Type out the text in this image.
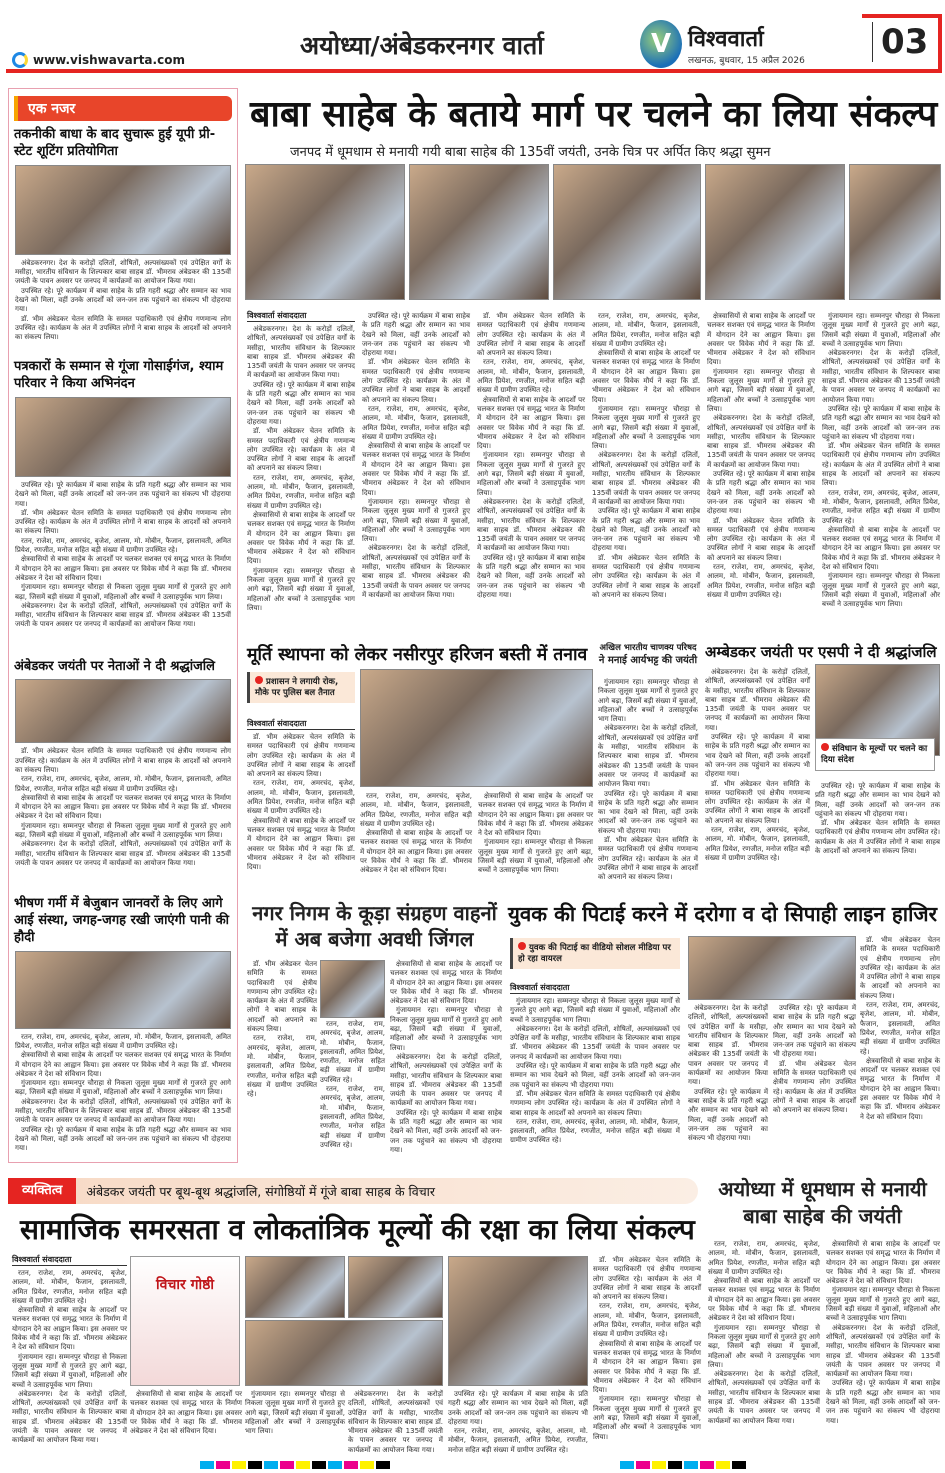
अयोध्या/अंबेडकरनगर वार्ता
www.vishwavarta.com
V विश्ववार्ता
लखनऊ, बुधवार, 15 अप्रैल 2026 03
एक नजर
तकनीकी बाधा के बाद सुचारू हुई यूपी प्री-स्टेट शूटिंग प्रतियोगिता

अंबेडकरनगर। देश के करोड़ों दलितों, शोषितों, अल्पसंख्यकों एवं उपेक्षित वर्गों के मसीहा, भारतीय संविधान के शिल्पकार बाबा साहब डॉ. भीमराव अंबेडकर की 135वीं जयंती के पावन अवसर पर जनपद में कार्यक्रमों का आयोजन किया गया।

उपस्थित रहे। पूरे कार्यक्रम में बाबा साहेब के प्रति गहरी श्रद्धा और सम्मान का भाव देखने को मिला, वहीं उनके आदर्शों को जन-जन तक पहुंचाने का संकल्प भी दोहराया गया।

डॉ. भीम अंबेडकर चेतन समिति के समस्त पदाधिकारी एवं क्षेत्रीय गणमान्य लोग उपस्थित रहे। कार्यक्रम के अंत में उपस्थित लोगों ने बाबा साहब के आदर्शों को अपनाने का संकल्प लिया।

पत्रकारों के सम्मान से गूंजा गोसाईगंज, श्याम परिवार ने किया अभिनंदन

उपस्थित रहे। पूरे कार्यक्रम में बाबा साहेब के प्रति गहरी श्रद्धा और सम्मान का भाव देखने को मिला, वहीं उनके आदर्शों को जन-जन तक पहुंचाने का संकल्प भी दोहराया गया।

डॉ. भीम अंबेडकर चेतन समिति के समस्त पदाधिकारी एवं क्षेत्रीय गणमान्य लोग उपस्थित रहे। कार्यक्रम के अंत में उपस्थित लोगों ने बाबा साहब के आदर्शों को अपनाने का संकल्प लिया।

रतन, राजेश, राम, अमरचंद, बृजेश, आलम, मो. मोबीन, फैजान, इसलावती, अमित प्रियेश, रणजीत, मनोज सहित बड़ी संख्या में ग्रामीण उपस्थित रहे।

क्षेत्रवासियों से बाबा साहेब के आदर्शों पर चलकर सशक्त एवं समृद्ध भारत के निर्माण में योगदान देने का आह्वान किया। इस अवसर पर विवेक मौर्य ने कहा कि डॉ. भीमराव अंबेडकर ने देश को संविधान दिया।

गुंजायमान रहा। सम्मनपुर चौराहा से निकला जुलूस मुख्य मार्गों से गुजरते हुए आगे बढ़ा, जिसमें बड़ी संख्या में युवाओं, महिलाओं और बच्चों ने उत्साहपूर्वक भाग लिया।

अंबेडकरनगर। देश के करोड़ों दलितों, शोषितों, अल्पसंख्यकों एवं उपेक्षित वर्गों के मसीहा, भारतीय संविधान के शिल्पकार बाबा साहब डॉ. भीमराव अंबेडकर की 135वीं जयंती के पावन अवसर पर जनपद में कार्यक्रमों का आयोजन किया गया।

अंबेडकर जयंती पर नेताओं ने दी श्रद्धांजलि

डॉ. भीम अंबेडकर चेतन समिति के समस्त पदाधिकारी एवं क्षेत्रीय गणमान्य लोग उपस्थित रहे। कार्यक्रम के अंत में उपस्थित लोगों ने बाबा साहब के आदर्शों को अपनाने का संकल्प लिया।

रतन, राजेश, राम, अमरचंद, बृजेश, आलम, मो. मोबीन, फैजान, इसलावती, अमित प्रियेश, रणजीत, मनोज सहित बड़ी संख्या में ग्रामीण उपस्थित रहे।

क्षेत्रवासियों से बाबा साहेब के आदर्शों पर चलकर सशक्त एवं समृद्ध भारत के निर्माण में योगदान देने का आह्वान किया। इस अवसर पर विवेक मौर्य ने कहा कि डॉ. भीमराव अंबेडकर ने देश को संविधान दिया।

गुंजायमान रहा। सम्मनपुर चौराहा से निकला जुलूस मुख्य मार्गों से गुजरते हुए आगे बढ़ा, जिसमें बड़ी संख्या में युवाओं, महिलाओं और बच्चों ने उत्साहपूर्वक भाग लिया।

अंबेडकरनगर। देश के करोड़ों दलितों, शोषितों, अल्पसंख्यकों एवं उपेक्षित वर्गों के मसीहा, भारतीय संविधान के शिल्पकार बाबा साहब डॉ. भीमराव अंबेडकर की 135वीं जयंती के पावन अवसर पर जनपद में कार्यक्रमों का आयोजन किया गया।

भीषण गर्मी में बेजुबान जानवरों के लिए आगे आई संस्था, जगह-जगह रखी जाएंगी पानी की हौदी

रतन, राजेश, राम, अमरचंद, बृजेश, आलम, मो. मोबीन, फैजान, इसलावती, अमित प्रियेश, रणजीत, मनोज सहित बड़ी संख्या में ग्रामीण उपस्थित रहे।

क्षेत्रवासियों से बाबा साहेब के आदर्शों पर चलकर सशक्त एवं समृद्ध भारत के निर्माण में योगदान देने का आह्वान किया। इस अवसर पर विवेक मौर्य ने कहा कि डॉ. भीमराव अंबेडकर ने देश को संविधान दिया।

गुंजायमान रहा। सम्मनपुर चौराहा से निकला जुलूस मुख्य मार्गों से गुजरते हुए आगे बढ़ा, जिसमें बड़ी संख्या में युवाओं, महिलाओं और बच्चों ने उत्साहपूर्वक भाग लिया।

अंबेडकरनगर। देश के करोड़ों दलितों, शोषितों, अल्पसंख्यकों एवं उपेक्षित वर्गों के मसीहा, भारतीय संविधान के शिल्पकार बाबा साहब डॉ. भीमराव अंबेडकर की 135वीं जयंती के पावन अवसर पर जनपद में कार्यक्रमों का आयोजन किया गया।

उपस्थित रहे। पूरे कार्यक्रम में बाबा साहेब के प्रति गहरी श्रद्धा और सम्मान का भाव देखने को मिला, वहीं उनके आदर्शों को जन-जन तक पहुंचाने का संकल्प भी दोहराया गया।

बाबा साहेब के बताये मार्ग पर चलने का लिया संकल्प
जनपद में धूमधाम से मनायी गयी बाबा साहेब की 135वीं जयंती, उनके चित्र पर अर्पित किए श्रद्धा सुमन
विश्ववार्ता संवाददाता

अंबेडकरनगर। देश के करोड़ों दलितों, शोषितों, अल्पसंख्यकों एवं उपेक्षित वर्गों के मसीहा, भारतीय संविधान के शिल्पकार बाबा साहब डॉ. भीमराव अंबेडकर की 135वीं जयंती के पावन अवसर पर जनपद में कार्यक्रमों का आयोजन किया गया।

उपस्थित रहे। पूरे कार्यक्रम में बाबा साहेब के प्रति गहरी श्रद्धा और सम्मान का भाव देखने को मिला, वहीं उनके आदर्शों को जन-जन तक पहुंचाने का संकल्प भी दोहराया गया।

डॉ. भीम अंबेडकर चेतन समिति के समस्त पदाधिकारी एवं क्षेत्रीय गणमान्य लोग उपस्थित रहे। कार्यक्रम के अंत में उपस्थित लोगों ने बाबा साहब के आदर्शों को अपनाने का संकल्प लिया।

रतन, राजेश, राम, अमरचंद, बृजेश, आलम, मो. मोबीन, फैजान, इसलावती, अमित प्रियेश, रणजीत, मनोज सहित बड़ी संख्या में ग्रामीण उपस्थित रहे।

क्षेत्रवासियों से बाबा साहेब के आदर्शों पर चलकर सशक्त एवं समृद्ध भारत के निर्माण में योगदान देने का आह्वान किया। इस अवसर पर विवेक मौर्य ने कहा कि डॉ. भीमराव अंबेडकर ने देश को संविधान दिया।

गुंजायमान रहा। सम्मनपुर चौराहा से निकला जुलूस मुख्य मार्गों से गुजरते हुए आगे बढ़ा, जिसमें बड़ी संख्या में युवाओं, महिलाओं और बच्चों ने उत्साहपूर्वक भाग लिया।

उपस्थित रहे। पूरे कार्यक्रम में बाबा साहेब के प्रति गहरी श्रद्धा और सम्मान का भाव देखने को मिला, वहीं उनके आदर्शों को जन-जन तक पहुंचाने का संकल्प भी दोहराया गया।

डॉ. भीम अंबेडकर चेतन समिति के समस्त पदाधिकारी एवं क्षेत्रीय गणमान्य लोग उपस्थित रहे। कार्यक्रम के अंत में उपस्थित लोगों ने बाबा साहब के आदर्शों को अपनाने का संकल्प लिया।

रतन, राजेश, राम, अमरचंद, बृजेश, आलम, मो. मोबीन, फैजान, इसलावती, अमित प्रियेश, रणजीत, मनोज सहित बड़ी संख्या में ग्रामीण उपस्थित रहे।

क्षेत्रवासियों से बाबा साहेब के आदर्शों पर चलकर सशक्त एवं समृद्ध भारत के निर्माण में योगदान देने का आह्वान किया। इस अवसर पर विवेक मौर्य ने कहा कि डॉ. भीमराव अंबेडकर ने देश को संविधान दिया।

गुंजायमान रहा। सम्मनपुर चौराहा से निकला जुलूस मुख्य मार्गों से गुजरते हुए आगे बढ़ा, जिसमें बड़ी संख्या में युवाओं, महिलाओं और बच्चों ने उत्साहपूर्वक भाग लिया।

अंबेडकरनगर। देश के करोड़ों दलितों, शोषितों, अल्पसंख्यकों एवं उपेक्षित वर्गों के मसीहा, भारतीय संविधान के शिल्पकार बाबा साहब डॉ. भीमराव अंबेडकर की 135वीं जयंती के पावन अवसर पर जनपद में कार्यक्रमों का आयोजन किया गया।

डॉ. भीम अंबेडकर चेतन समिति के समस्त पदाधिकारी एवं क्षेत्रीय गणमान्य लोग उपस्थित रहे। कार्यक्रम के अंत में उपस्थित लोगों ने बाबा साहब के आदर्शों को अपनाने का संकल्प लिया।

रतन, राजेश, राम, अमरचंद, बृजेश, आलम, मो. मोबीन, फैजान, इसलावती, अमित प्रियेश, रणजीत, मनोज सहित बड़ी संख्या में ग्रामीण उपस्थित रहे।

क्षेत्रवासियों से बाबा साहेब के आदर्शों पर चलकर सशक्त एवं समृद्ध भारत के निर्माण में योगदान देने का आह्वान किया। इस अवसर पर विवेक मौर्य ने कहा कि डॉ. भीमराव अंबेडकर ने देश को संविधान दिया।

गुंजायमान रहा। सम्मनपुर चौराहा से निकला जुलूस मुख्य मार्गों से गुजरते हुए आगे बढ़ा, जिसमें बड़ी संख्या में युवाओं, महिलाओं और बच्चों ने उत्साहपूर्वक भाग लिया।

अंबेडकरनगर। देश के करोड़ों दलितों, शोषितों, अल्पसंख्यकों एवं उपेक्षित वर्गों के मसीहा, भारतीय संविधान के शिल्पकार बाबा साहब डॉ. भीमराव अंबेडकर की 135वीं जयंती के पावन अवसर पर जनपद में कार्यक्रमों का आयोजन किया गया।

उपस्थित रहे। पूरे कार्यक्रम में बाबा साहेब के प्रति गहरी श्रद्धा और सम्मान का भाव देखने को मिला, वहीं उनके आदर्शों को जन-जन तक पहुंचाने का संकल्प भी दोहराया गया।

रतन, राजेश, राम, अमरचंद, बृजेश, आलम, मो. मोबीन, फैजान, इसलावती, अमित प्रियेश, रणजीत, मनोज सहित बड़ी संख्या में ग्रामीण उपस्थित रहे।

क्षेत्रवासियों से बाबा साहेब के आदर्शों पर चलकर सशक्त एवं समृद्ध भारत के निर्माण में योगदान देने का आह्वान किया। इस अवसर पर विवेक मौर्य ने कहा कि डॉ. भीमराव अंबेडकर ने देश को संविधान दिया।

गुंजायमान रहा। सम्मनपुर चौराहा से निकला जुलूस मुख्य मार्गों से गुजरते हुए आगे बढ़ा, जिसमें बड़ी संख्या में युवाओं, महिलाओं और बच्चों ने उत्साहपूर्वक भाग लिया।

अंबेडकरनगर। देश के करोड़ों दलितों, शोषितों, अल्पसंख्यकों एवं उपेक्षित वर्गों के मसीहा, भारतीय संविधान के शिल्पकार बाबा साहब डॉ. भीमराव अंबेडकर की 135वीं जयंती के पावन अवसर पर जनपद में कार्यक्रमों का आयोजन किया गया।

उपस्थित रहे। पूरे कार्यक्रम में बाबा साहेब के प्रति गहरी श्रद्धा और सम्मान का भाव देखने को मिला, वहीं उनके आदर्शों को जन-जन तक पहुंचाने का संकल्प भी दोहराया गया।

डॉ. भीम अंबेडकर चेतन समिति के समस्त पदाधिकारी एवं क्षेत्रीय गणमान्य लोग उपस्थित रहे। कार्यक्रम के अंत में उपस्थित लोगों ने बाबा साहब के आदर्शों को अपनाने का संकल्प लिया।

क्षेत्रवासियों से बाबा साहेब के आदर्शों पर चलकर सशक्त एवं समृद्ध भारत के निर्माण में योगदान देने का आह्वान किया। इस अवसर पर विवेक मौर्य ने कहा कि डॉ. भीमराव अंबेडकर ने देश को संविधान दिया।

गुंजायमान रहा। सम्मनपुर चौराहा से निकला जुलूस मुख्य मार्गों से गुजरते हुए आगे बढ़ा, जिसमें बड़ी संख्या में युवाओं, महिलाओं और बच्चों ने उत्साहपूर्वक भाग लिया।

अंबेडकरनगर। देश के करोड़ों दलितों, शोषितों, अल्पसंख्यकों एवं उपेक्षित वर्गों के मसीहा, भारतीय संविधान के शिल्पकार बाबा साहब डॉ. भीमराव अंबेडकर की 135वीं जयंती के पावन अवसर पर जनपद में कार्यक्रमों का आयोजन किया गया।

उपस्थित रहे। पूरे कार्यक्रम में बाबा साहेब के प्रति गहरी श्रद्धा और सम्मान का भाव देखने को मिला, वहीं उनके आदर्शों को जन-जन तक पहुंचाने का संकल्प भी दोहराया गया।

डॉ. भीम अंबेडकर चेतन समिति के समस्त पदाधिकारी एवं क्षेत्रीय गणमान्य लोग उपस्थित रहे। कार्यक्रम के अंत में उपस्थित लोगों ने बाबा साहब के आदर्शों को अपनाने का संकल्प लिया।

रतन, राजेश, राम, अमरचंद, बृजेश, आलम, मो. मोबीन, फैजान, इसलावती, अमित प्रियेश, रणजीत, मनोज सहित बड़ी संख्या में ग्रामीण उपस्थित रहे।

गुंजायमान रहा। सम्मनपुर चौराहा से निकला जुलूस मुख्य मार्गों से गुजरते हुए आगे बढ़ा, जिसमें बड़ी संख्या में युवाओं, महिलाओं और बच्चों ने उत्साहपूर्वक भाग लिया।

अंबेडकरनगर। देश के करोड़ों दलितों, शोषितों, अल्पसंख्यकों एवं उपेक्षित वर्गों के मसीहा, भारतीय संविधान के शिल्पकार बाबा साहब डॉ. भीमराव अंबेडकर की 135वीं जयंती के पावन अवसर पर जनपद में कार्यक्रमों का आयोजन किया गया।

उपस्थित रहे। पूरे कार्यक्रम में बाबा साहेब के प्रति गहरी श्रद्धा और सम्मान का भाव देखने को मिला, वहीं उनके आदर्शों को जन-जन तक पहुंचाने का संकल्प भी दोहराया गया।

डॉ. भीम अंबेडकर चेतन समिति के समस्त पदाधिकारी एवं क्षेत्रीय गणमान्य लोग उपस्थित रहे। कार्यक्रम के अंत में उपस्थित लोगों ने बाबा साहब के आदर्शों को अपनाने का संकल्प लिया।

रतन, राजेश, राम, अमरचंद, बृजेश, आलम, मो. मोबीन, फैजान, इसलावती, अमित प्रियेश, रणजीत, मनोज सहित बड़ी संख्या में ग्रामीण उपस्थित रहे।

क्षेत्रवासियों से बाबा साहेब के आदर्शों पर चलकर सशक्त एवं समृद्ध भारत के निर्माण में योगदान देने का आह्वान किया। इस अवसर पर विवेक मौर्य ने कहा कि डॉ. भीमराव अंबेडकर ने देश को संविधान दिया।

गुंजायमान रहा। सम्मनपुर चौराहा से निकला जुलूस मुख्य मार्गों से गुजरते हुए आगे बढ़ा, जिसमें बड़ी संख्या में युवाओं, महिलाओं और बच्चों ने उत्साहपूर्वक भाग लिया।

मूर्ति स्थापना को लेकर नसीरपुर हरिजन बस्ती में तनाव
प्रशासन ने लगायी रोक, मौके पर पुलिस बल तैनात
विश्ववार्ता संवाददाता

डॉ. भीम अंबेडकर चेतन समिति के समस्त पदाधिकारी एवं क्षेत्रीय गणमान्य लोग उपस्थित रहे। कार्यक्रम के अंत में उपस्थित लोगों ने बाबा साहब के आदर्शों को अपनाने का संकल्प लिया।

रतन, राजेश, राम, अमरचंद, बृजेश, आलम, मो. मोबीन, फैजान, इसलावती, अमित प्रियेश, रणजीत, मनोज सहित बड़ी संख्या में ग्रामीण उपस्थित रहे।

क्षेत्रवासियों से बाबा साहेब के आदर्शों पर चलकर सशक्त एवं समृद्ध भारत के निर्माण में योगदान देने का आह्वान किया। इस अवसर पर विवेक मौर्य ने कहा कि डॉ. भीमराव अंबेडकर ने देश को संविधान दिया।

रतन, राजेश, राम, अमरचंद, बृजेश, आलम, मो. मोबीन, फैजान, इसलावती, अमित प्रियेश, रणजीत, मनोज सहित बड़ी संख्या में ग्रामीण उपस्थित रहे।

क्षेत्रवासियों से बाबा साहेब के आदर्शों पर चलकर सशक्त एवं समृद्ध भारत के निर्माण में योगदान देने का आह्वान किया। इस अवसर पर विवेक मौर्य ने कहा कि डॉ. भीमराव अंबेडकर ने देश को संविधान दिया।

क्षेत्रवासियों से बाबा साहेब के आदर्शों पर चलकर सशक्त एवं समृद्ध भारत के निर्माण में योगदान देने का आह्वान किया। इस अवसर पर विवेक मौर्य ने कहा कि डॉ. भीमराव अंबेडकर ने देश को संविधान दिया।

गुंजायमान रहा। सम्मनपुर चौराहा से निकला जुलूस मुख्य मार्गों से गुजरते हुए आगे बढ़ा, जिसमें बड़ी संख्या में युवाओं, महिलाओं और बच्चों ने उत्साहपूर्वक भाग लिया।

अखिल भारतीय चाणक्य परिषद
ने मनाई आर्यभट्ट की जयंती

गुंजायमान रहा। सम्मनपुर चौराहा से निकला जुलूस मुख्य मार्गों से गुजरते हुए आगे बढ़ा, जिसमें बड़ी संख्या में युवाओं, महिलाओं और बच्चों ने उत्साहपूर्वक भाग लिया।

अंबेडकरनगर। देश के करोड़ों दलितों, शोषितों, अल्पसंख्यकों एवं उपेक्षित वर्गों के मसीहा, भारतीय संविधान के शिल्पकार बाबा साहब डॉ. भीमराव अंबेडकर की 135वीं जयंती के पावन अवसर पर जनपद में कार्यक्रमों का आयोजन किया गया।

उपस्थित रहे। पूरे कार्यक्रम में बाबा साहेब के प्रति गहरी श्रद्धा और सम्मान का भाव देखने को मिला, वहीं उनके आदर्शों को जन-जन तक पहुंचाने का संकल्प भी दोहराया गया।

डॉ. भीम अंबेडकर चेतन समिति के समस्त पदाधिकारी एवं क्षेत्रीय गणमान्य लोग उपस्थित रहे। कार्यक्रम के अंत में उपस्थित लोगों ने बाबा साहब के आदर्शों को अपनाने का संकल्प लिया।

अम्बेडकर जयंती पर एसपी ने दी श्रद्धांजलि

अंबेडकरनगर। देश के करोड़ों दलितों, शोषितों, अल्पसंख्यकों एवं उपेक्षित वर्गों के मसीहा, भारतीय संविधान के शिल्पकार बाबा साहब डॉ. भीमराव अंबेडकर की 135वीं जयंती के पावन अवसर पर जनपद में कार्यक्रमों का आयोजन किया गया।

उपस्थित रहे। पूरे कार्यक्रम में बाबा साहेब के प्रति गहरी श्रद्धा और सम्मान का भाव देखने को मिला, वहीं उनके आदर्शों को जन-जन तक पहुंचाने का संकल्प भी दोहराया गया।

डॉ. भीम अंबेडकर चेतन समिति के समस्त पदाधिकारी एवं क्षेत्रीय गणमान्य लोग उपस्थित रहे। कार्यक्रम के अंत में उपस्थित लोगों ने बाबा साहब के आदर्शों को अपनाने का संकल्प लिया।

रतन, राजेश, राम, अमरचंद, बृजेश, आलम, मो. मोबीन, फैजान, इसलावती, अमित प्रियेश, रणजीत, मनोज सहित बड़ी संख्या में ग्रामीण उपस्थित रहे।

संविधान के मूल्यों पर चलने का दिया संदेश

उपस्थित रहे। पूरे कार्यक्रम में बाबा साहेब के प्रति गहरी श्रद्धा और सम्मान का भाव देखने को मिला, वहीं उनके आदर्शों को जन-जन तक पहुंचाने का संकल्प भी दोहराया गया।

डॉ. भीम अंबेडकर चेतन समिति के समस्त पदाधिकारी एवं क्षेत्रीय गणमान्य लोग उपस्थित रहे। कार्यक्रम के अंत में उपस्थित लोगों ने बाबा साहब के आदर्शों को अपनाने का संकल्प लिया।

नगर निगम के कूड़ा संग्रहण वाहनों
में अब बजेगा अवधी जिंगल

डॉ. भीम अंबेडकर चेतन समिति के समस्त पदाधिकारी एवं क्षेत्रीय गणमान्य लोग उपस्थित रहे। कार्यक्रम के अंत में उपस्थित लोगों ने बाबा साहब के आदर्शों को अपनाने का संकल्प लिया।

रतन, राजेश, राम, अमरचंद, बृजेश, आलम, मो. मोबीन, फैजान, इसलावती, अमित प्रियेश, रणजीत, मनोज सहित बड़ी संख्या में ग्रामीण उपस्थित रहे।

रतन, राजेश, राम, अमरचंद, बृजेश, आलम, मो. मोबीन, फैजान, इसलावती, अमित प्रियेश, रणजीत, मनोज सहित बड़ी संख्या में ग्रामीण उपस्थित रहे।

रतन, राजेश, राम, अमरचंद, बृजेश, आलम, मो. मोबीन, फैजान, इसलावती, अमित प्रियेश, रणजीत, मनोज सहित बड़ी संख्या में ग्रामीण उपस्थित रहे।

क्षेत्रवासियों से बाबा साहेब के आदर्शों पर चलकर सशक्त एवं समृद्ध भारत के निर्माण में योगदान देने का आह्वान किया। इस अवसर पर विवेक मौर्य ने कहा कि डॉ. भीमराव अंबेडकर ने देश को संविधान दिया।

गुंजायमान रहा। सम्मनपुर चौराहा से निकला जुलूस मुख्य मार्गों से गुजरते हुए आगे बढ़ा, जिसमें बड़ी संख्या में युवाओं, महिलाओं और बच्चों ने उत्साहपूर्वक भाग लिया।

अंबेडकरनगर। देश के करोड़ों दलितों, शोषितों, अल्पसंख्यकों एवं उपेक्षित वर्गों के मसीहा, भारतीय संविधान के शिल्पकार बाबा साहब डॉ. भीमराव अंबेडकर की 135वीं जयंती के पावन अवसर पर जनपद में कार्यक्रमों का आयोजन किया गया।

उपस्थित रहे। पूरे कार्यक्रम में बाबा साहेब के प्रति गहरी श्रद्धा और सम्मान का भाव देखने को मिला, वहीं उनके आदर्शों को जन-जन तक पहुंचाने का संकल्प भी दोहराया गया।

युवक की पिटाई करने में दरोगा व दो सिपाही लाइन हाजिर
युवक की पिटाई का वीडियो सोशल मीडिया पर हो रहा वायरल
विश्ववार्ता संवाददाता

गुंजायमान रहा। सम्मनपुर चौराहा से निकला जुलूस मुख्य मार्गों से गुजरते हुए आगे बढ़ा, जिसमें बड़ी संख्या में युवाओं, महिलाओं और बच्चों ने उत्साहपूर्वक भाग लिया।

अंबेडकरनगर। देश के करोड़ों दलितों, शोषितों, अल्पसंख्यकों एवं उपेक्षित वर्गों के मसीहा, भारतीय संविधान के शिल्पकार बाबा साहब डॉ. भीमराव अंबेडकर की 135वीं जयंती के पावन अवसर पर जनपद में कार्यक्रमों का आयोजन किया गया।

उपस्थित रहे। पूरे कार्यक्रम में बाबा साहेब के प्रति गहरी श्रद्धा और सम्मान का भाव देखने को मिला, वहीं उनके आदर्शों को जन-जन तक पहुंचाने का संकल्प भी दोहराया गया।

डॉ. भीम अंबेडकर चेतन समिति के समस्त पदाधिकारी एवं क्षेत्रीय गणमान्य लोग उपस्थित रहे। कार्यक्रम के अंत में उपस्थित लोगों ने बाबा साहब के आदर्शों को अपनाने का संकल्प लिया।

रतन, राजेश, राम, अमरचंद, बृजेश, आलम, मो. मोबीन, फैजान, इसलावती, अमित प्रियेश, रणजीत, मनोज सहित बड़ी संख्या में ग्रामीण उपस्थित रहे।

अंबेडकरनगर। देश के करोड़ों दलितों, शोषितों, अल्पसंख्यकों एवं उपेक्षित वर्गों के मसीहा, भारतीय संविधान के शिल्पकार बाबा साहब डॉ. भीमराव अंबेडकर की 135वीं जयंती के पावन अवसर पर जनपद में कार्यक्रमों का आयोजन किया गया।

उपस्थित रहे। पूरे कार्यक्रम में बाबा साहेब के प्रति गहरी श्रद्धा और सम्मान का भाव देखने को मिला, वहीं उनके आदर्शों को जन-जन तक पहुंचाने का संकल्प भी दोहराया गया।

उपस्थित रहे। पूरे कार्यक्रम में बाबा साहेब के प्रति गहरी श्रद्धा और सम्मान का भाव देखने को मिला, वहीं उनके आदर्शों को जन-जन तक पहुंचाने का संकल्प भी दोहराया गया।

डॉ. भीम अंबेडकर चेतन समिति के समस्त पदाधिकारी एवं क्षेत्रीय गणमान्य लोग उपस्थित रहे। कार्यक्रम के अंत में उपस्थित लोगों ने बाबा साहब के आदर्शों को अपनाने का संकल्प लिया।

डॉ. भीम अंबेडकर चेतन समिति के समस्त पदाधिकारी एवं क्षेत्रीय गणमान्य लोग उपस्थित रहे। कार्यक्रम के अंत में उपस्थित लोगों ने बाबा साहब के आदर्शों को अपनाने का संकल्प लिया।

रतन, राजेश, राम, अमरचंद, बृजेश, आलम, मो. मोबीन, फैजान, इसलावती, अमित प्रियेश, रणजीत, मनोज सहित बड़ी संख्या में ग्रामीण उपस्थित रहे।

क्षेत्रवासियों से बाबा साहेब के आदर्शों पर चलकर सशक्त एवं समृद्ध भारत के निर्माण में योगदान देने का आह्वान किया। इस अवसर पर विवेक मौर्य ने कहा कि डॉ. भीमराव अंबेडकर ने देश को संविधान दिया।

व्यक्तित्व	अंबेडकर जयंती पर बूथ-बूथ श्रद्धांजलि, संगोष्ठियों में गूंजे बाबा साहब के विचार
सामाजिक समरसता व लोकतांत्रिक मूल्यों की रक्षा का लिया संकल्प
अयोध्या में धूमधाम से मनायी
बाबा साहेब की जयंती
विश्ववार्ता संवाददाता

रतन, राजेश, राम, अमरचंद, बृजेश, आलम, मो. मोबीन, फैजान, इसलावती, अमित प्रियेश, रणजीत, मनोज सहित बड़ी संख्या में ग्रामीण उपस्थित रहे।

क्षेत्रवासियों से बाबा साहेब के आदर्शों पर चलकर सशक्त एवं समृद्ध भारत के निर्माण में योगदान देने का आह्वान किया। इस अवसर पर विवेक मौर्य ने कहा कि डॉ. भीमराव अंबेडकर ने देश को संविधान दिया।

गुंजायमान रहा। सम्मनपुर चौराहा से निकला जुलूस मुख्य मार्गों से गुजरते हुए आगे बढ़ा, जिसमें बड़ी संख्या में युवाओं, महिलाओं और बच्चों ने उत्साहपूर्वक भाग लिया।

अंबेडकरनगर। देश के करोड़ों दलितों, शोषितों, अल्पसंख्यकों एवं उपेक्षित वर्गों के मसीहा, भारतीय संविधान के शिल्पकार बाबा साहब डॉ. भीमराव अंबेडकर की 135वीं जयंती के पावन अवसर पर जनपद में कार्यक्रमों का आयोजन किया गया।

विचार गोष्ठी

क्षेत्रवासियों से बाबा साहेब के आदर्शों पर चलकर सशक्त एवं समृद्ध भारत के निर्माण में योगदान देने का आह्वान किया। इस अवसर पर विवेक मौर्य ने कहा कि डॉ. भीमराव अंबेडकर ने देश को संविधान दिया।

गुंजायमान रहा। सम्मनपुर चौराहा से निकला जुलूस मुख्य मार्गों से गुजरते हुए आगे बढ़ा, जिसमें बड़ी संख्या में युवाओं, महिलाओं और बच्चों ने उत्साहपूर्वक भाग लिया।

अंबेडकरनगर। देश के करोड़ों दलितों, शोषितों, अल्पसंख्यकों एवं उपेक्षित वर्गों के मसीहा, भारतीय संविधान के शिल्पकार बाबा साहब डॉ. भीमराव अंबेडकर की 135वीं जयंती के पावन अवसर पर जनपद में कार्यक्रमों का आयोजन किया गया।

उपस्थित रहे। पूरे कार्यक्रम में बाबा साहेब के प्रति गहरी श्रद्धा और सम्मान का भाव देखने को मिला, वहीं उनके आदर्शों को जन-जन तक पहुंचाने का संकल्प भी दोहराया गया।

रतन, राजेश, राम, अमरचंद, बृजेश, आलम, मो. मोबीन, फैजान, इसलावती, अमित प्रियेश, रणजीत, मनोज सहित बड़ी संख्या में ग्रामीण उपस्थित रहे।

डॉ. भीम अंबेडकर चेतन समिति के समस्त पदाधिकारी एवं क्षेत्रीय गणमान्य लोग उपस्थित रहे। कार्यक्रम के अंत में उपस्थित लोगों ने बाबा साहब के आदर्शों को अपनाने का संकल्प लिया।

रतन, राजेश, राम, अमरचंद, बृजेश, आलम, मो. मोबीन, फैजान, इसलावती, अमित प्रियेश, रणजीत, मनोज सहित बड़ी संख्या में ग्रामीण उपस्थित रहे।

क्षेत्रवासियों से बाबा साहेब के आदर्शों पर चलकर सशक्त एवं समृद्ध भारत के निर्माण में योगदान देने का आह्वान किया। इस अवसर पर विवेक मौर्य ने कहा कि डॉ. भीमराव अंबेडकर ने देश को संविधान दिया।

गुंजायमान रहा। सम्मनपुर चौराहा से निकला जुलूस मुख्य मार्गों से गुजरते हुए आगे बढ़ा, जिसमें बड़ी संख्या में युवाओं, महिलाओं और बच्चों ने उत्साहपूर्वक भाग लिया।

रतन, राजेश, राम, अमरचंद, बृजेश, आलम, मो. मोबीन, फैजान, इसलावती, अमित प्रियेश, रणजीत, मनोज सहित बड़ी संख्या में ग्रामीण उपस्थित रहे।

क्षेत्रवासियों से बाबा साहेब के आदर्शों पर चलकर सशक्त एवं समृद्ध भारत के निर्माण में योगदान देने का आह्वान किया। इस अवसर पर विवेक मौर्य ने कहा कि डॉ. भीमराव अंबेडकर ने देश को संविधान दिया।

गुंजायमान रहा। सम्मनपुर चौराहा से निकला जुलूस मुख्य मार्गों से गुजरते हुए आगे बढ़ा, जिसमें बड़ी संख्या में युवाओं, महिलाओं और बच्चों ने उत्साहपूर्वक भाग लिया।

अंबेडकरनगर। देश के करोड़ों दलितों, शोषितों, अल्पसंख्यकों एवं उपेक्षित वर्गों के मसीहा, भारतीय संविधान के शिल्पकार बाबा साहब डॉ. भीमराव अंबेडकर की 135वीं जयंती के पावन अवसर पर जनपद में कार्यक्रमों का आयोजन किया गया।

क्षेत्रवासियों से बाबा साहेब के आदर्शों पर चलकर सशक्त एवं समृद्ध भारत के निर्माण में योगदान देने का आह्वान किया। इस अवसर पर विवेक मौर्य ने कहा कि डॉ. भीमराव अंबेडकर ने देश को संविधान दिया।

गुंजायमान रहा। सम्मनपुर चौराहा से निकला जुलूस मुख्य मार्गों से गुजरते हुए आगे बढ़ा, जिसमें बड़ी संख्या में युवाओं, महिलाओं और बच्चों ने उत्साहपूर्वक भाग लिया।

अंबेडकरनगर। देश के करोड़ों दलितों, शोषितों, अल्पसंख्यकों एवं उपेक्षित वर्गों के मसीहा, भारतीय संविधान के शिल्पकार बाबा साहब डॉ. भीमराव अंबेडकर की 135वीं जयंती के पावन अवसर पर जनपद में कार्यक्रमों का आयोजन किया गया।

उपस्थित रहे। पूरे कार्यक्रम में बाबा साहेब के प्रति गहरी श्रद्धा और सम्मान का भाव देखने को मिला, वहीं उनके आदर्शों को जन-जन तक पहुंचाने का संकल्प भी दोहराया गया।
